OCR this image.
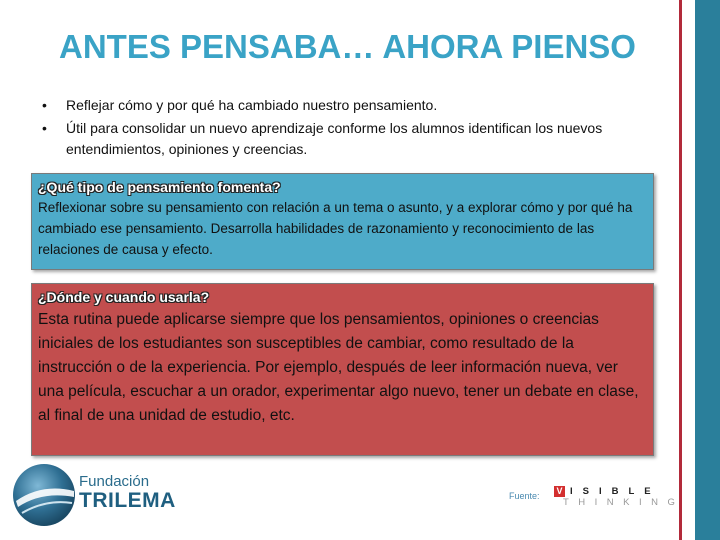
ANTES PENSABA… AHORA PIENSO
• Reflejar cómo y por qué ha cambiado nuestro pensamiento.
• Útil para consolidar un nuevo aprendizaje conforme los alumnos identifican los nuevos entendimientos, opiniones y creencias.
¿Qué tipo de pensamiento fomenta?
Reflexionar sobre su pensamiento con relación a un tema o asunto, y a explorar cómo y por qué ha cambiado ese pensamiento. Desarrolla habilidades de razonamiento y reconocimiento de las relaciones de causa y efecto.
¿Dónde y cuando usarla?
Esta rutina puede aplicarse siempre que los pensamientos, opiniones o creencias iniciales de los estudiantes son susceptibles de cambiar, como resultado de la instrucción o de la experiencia. Por ejemplo, después de leer información nueva, ver una película, escuchar a un orador, experimentar algo nuevo, tener un debate en clase, al final de una unidad de estudio, etc.
Fundación
TRILEMA	Fuente: V ISIBLE
THINKING
